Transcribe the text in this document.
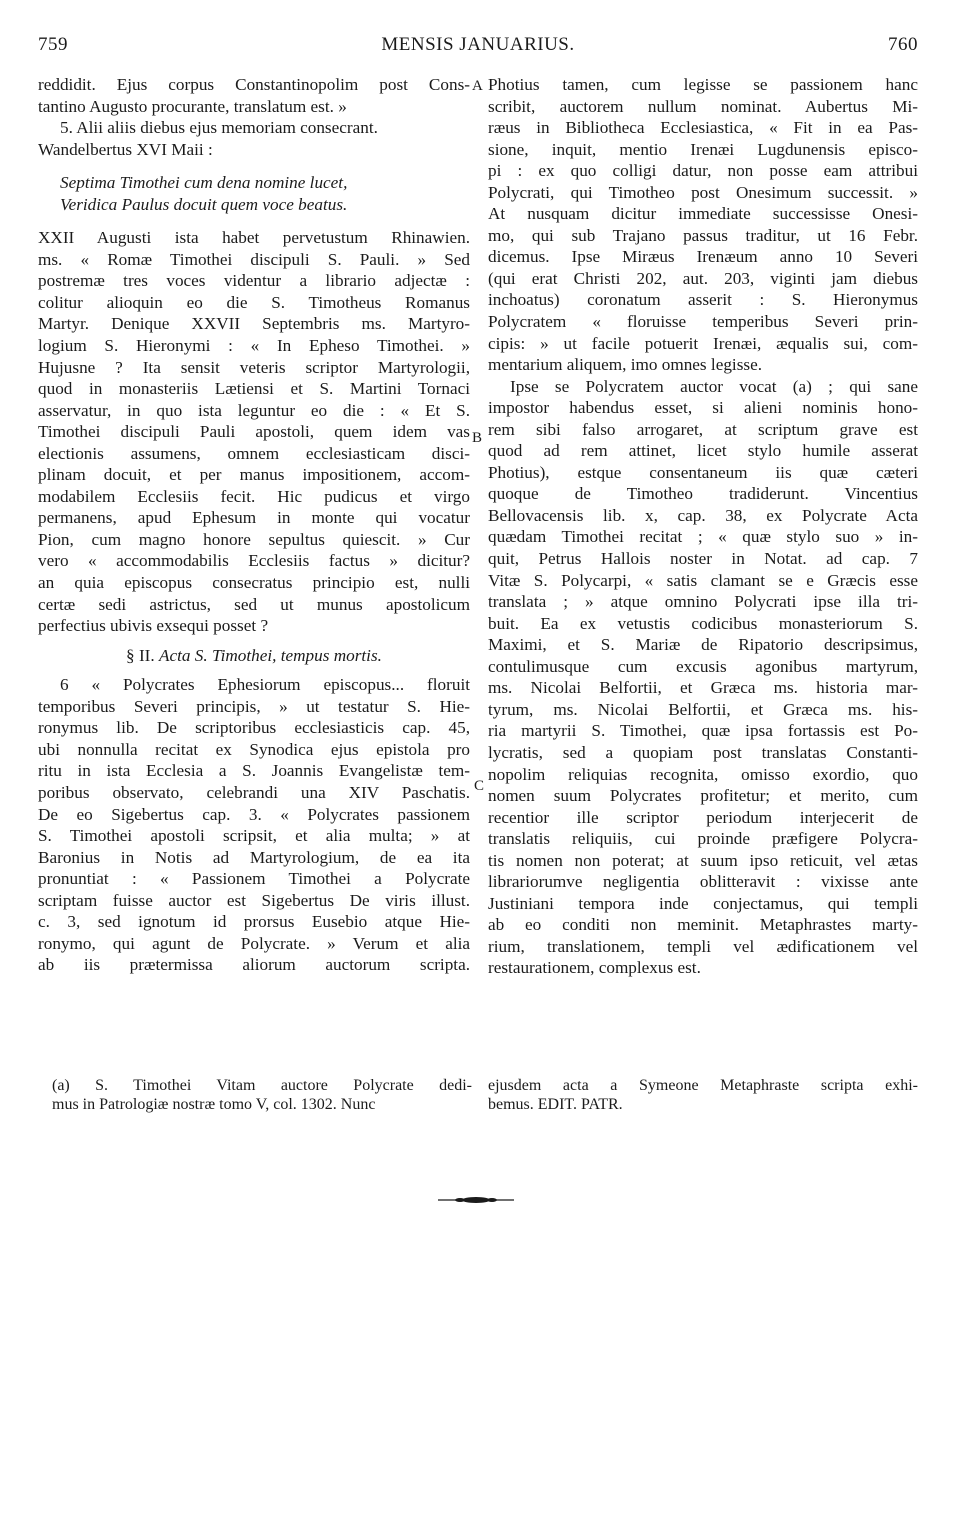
759	MENSIS JANUARIUS.	760
A
B
C
reddidit. Ejus corpus Constantinopolim post Cons-
tantino Augusto procurante, translatum est. »
5. Alii aliis diebus ejus memoriam consecrant.
Wandelbertus XVI Maii :
Septima Timothei cum dena nomine lucet,
Veridica Paulus docuit quem voce beatus.
XXII Augusti ista habet pervetustum Rhinawien.
ms. « Romæ Timothei discipuli S. Pauli. » Sed
postremæ tres voces videntur a librario adjectæ :
colitur alioquin eo die S. Timotheus Romanus
Martyr. Denique XXVII Septembris ms. Martyro-
logium S. Hieronymi : « In Epheso Timothei. »
Hujusne ? Ita sensit veteris scriptor Martyrologii,
quod in monasteriis Lætiensi et S. Martini Tornaci
asservatur, in quo ista leguntur eo die : « Et S.
Timothei discipuli Pauli apostoli, quem idem vas
electionis assumens, omnem ecclesiasticam disci-
plinam docuit, et per manus impositionem, accom-
modabilem Ecclesiis fecit. Hic pudicus et virgo
permanens, apud Ephesum in monte qui vocatur
Pion, cum magno honore sepultus quiescit. » Cur
vero « accommodabilis Ecclesiis factus » dicitur?
an quia episcopus consecratus principio est, nulli
certæ sedi astrictus, sed ut munus apostolicum
perfectius ubivis exsequi posset ?
§ II. Acta S. Timothei, tempus mortis.
6 « Polycrates Ephesiorum episcopus... floruit
temporibus Severi principis, » ut testatur S. Hie-
ronymus lib. De scriptoribus ecclesiasticis cap. 45,
ubi nonnulla recitat ex Synodica ejus epistola pro
ritu in ista Ecclesia a S. Joannis Evangelistæ tem-
poribus observato, celebrandi una XIV Paschatis.
De eo Sigebertus cap. 3. « Polycrates passionem
S. Timothei apostoli scripsit, et alia multa; » at
Baronius in Notis ad Martyrologium, de ea ita
pronuntiat : « Passionem Timothei a Polycrate
scriptam fuisse auctor est Sigebertus De viris illust.
c. 3, sed ignotum id prorsus Eusebio atque Hie-
ronymo, qui agunt de Polycrate. » Verum et alia
ab iis prætermissa aliorum auctorum scripta.
Photius tamen, cum legisse se passionem hanc
scribit, auctorem nullum nominat. Aubertus Mi-
ræus in Bibliotheca Ecclesiastica, « Fit in ea Pas-
sione, inquit, mentio Irenæi Lugdunensis episco-
pi : ex quo colligi datur, non posse eam attribui
Polycrati, qui Timotheo post Onesimum successit. »
At nusquam dicitur immediate successisse Onesi-
mo, qui sub Trajano passus traditur, ut 16 Febr.
dicemus. Ipse Miræus Irenæum anno 10 Severi
(qui erat Christi 202, aut. 203, viginti jam diebus
inchoatus) coronatum asserit : S. Hieronymus
Polycratem « floruisse temperibus Severi prin-
cipis: » ut facile potuerit Irenæi, æqualis sui, com-
mentarium aliquem, imo omnes legisse.
Ipse se Polycratem auctor vocat (a) ; qui sane
impostor habendus esset, si alieni nominis hono-
rem sibi falso arrogaret, at scriptum grave est
quod ad rem attinet, licet stylo humile asserat
Photius), estque consentaneum iis quæ cæteri
quoque de Timotheo tradiderunt. Vincentius
Bellovacensis lib. x, cap. 38, ex Polycrate Acta
quædam Timothei recitat ; « quæ stylo suo » in-
quit, Petrus Hallois noster in Notat. ad cap. 7
Vitæ S. Polycarpi, « satis clamant se e Græcis esse
translata ; » atque omnino Polycrati ipse illa tri-
buit. Ea ex vetustis codicibus monasteriorum S.
Maximi, et S. Mariæ de Ripatorio descripsimus,
contulimusque cum excusis agonibus martyrum,
ms. Nicolai Belfortii, et Græca ms. historia mar-
tyrum, ms. Nicolai Belfortii, et Græca ms. his-
ria martyrii S. Timothei, quæ ipsa fortassis est Po-
lycratis, sed a quopiam post translatas Constanti-
nopolim reliquias recognita, omisso exordio, quo
nomen suum Polycrates profitetur; et merito, cum
recentior ille scriptor periodum interjecerit de
translatis reliquiis, cui proinde præfigere Polycra-
tis nomen non poterat; at suum ipso reticuit, vel ætas
librariorumve negligentia oblitteravit : vixisse ante
Justiniani tempora inde conjectamus, qui templi
ab eo conditi non meminit. Metaphrastes marty-
rium, translationem, templi vel ædificationem vel
restaurationem, complexus est.
(a) S. Timothei Vitam auctore Polycrate dedi-
mus in Patrologiæ nostræ tomo V, col. 1302. Nunc
ejusdem acta a Symeone Metaphraste scripta exhi-
bemus. EDIT. PATR.
